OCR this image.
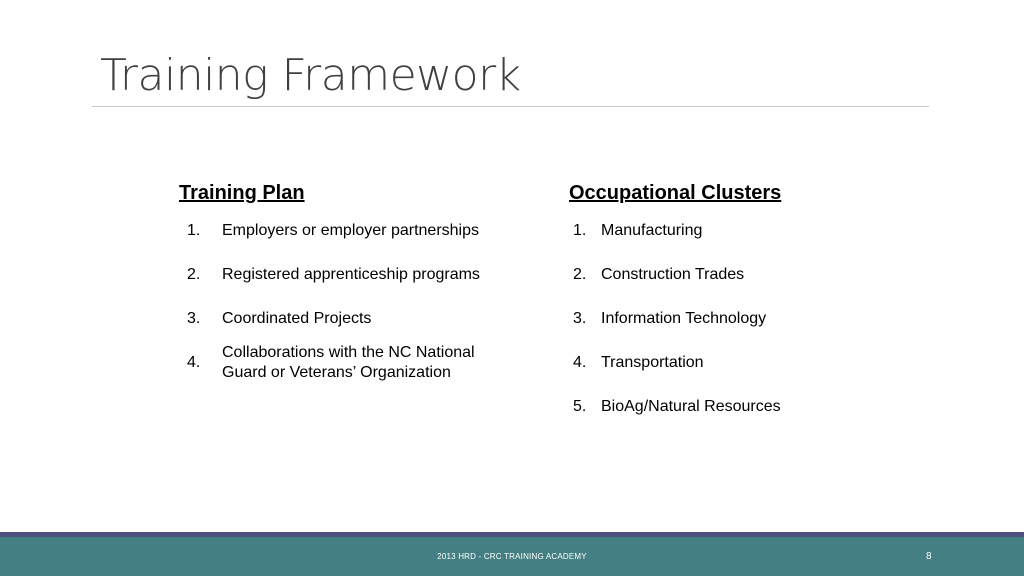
Training Framework
Training Plan
1. Employers or employer partnerships
2. Registered apprenticeship programs
3. Coordinated Projects
4.
Collaborations with the NC National
Guard or Veterans’ Organization
Occupational Clusters
1. Manufacturing
2. Construction Trades
3. Information Technology
4. Transportation
5. BioAg/Natural Resources
2013 HRD - CRC TRAINING ACADEMY	8
